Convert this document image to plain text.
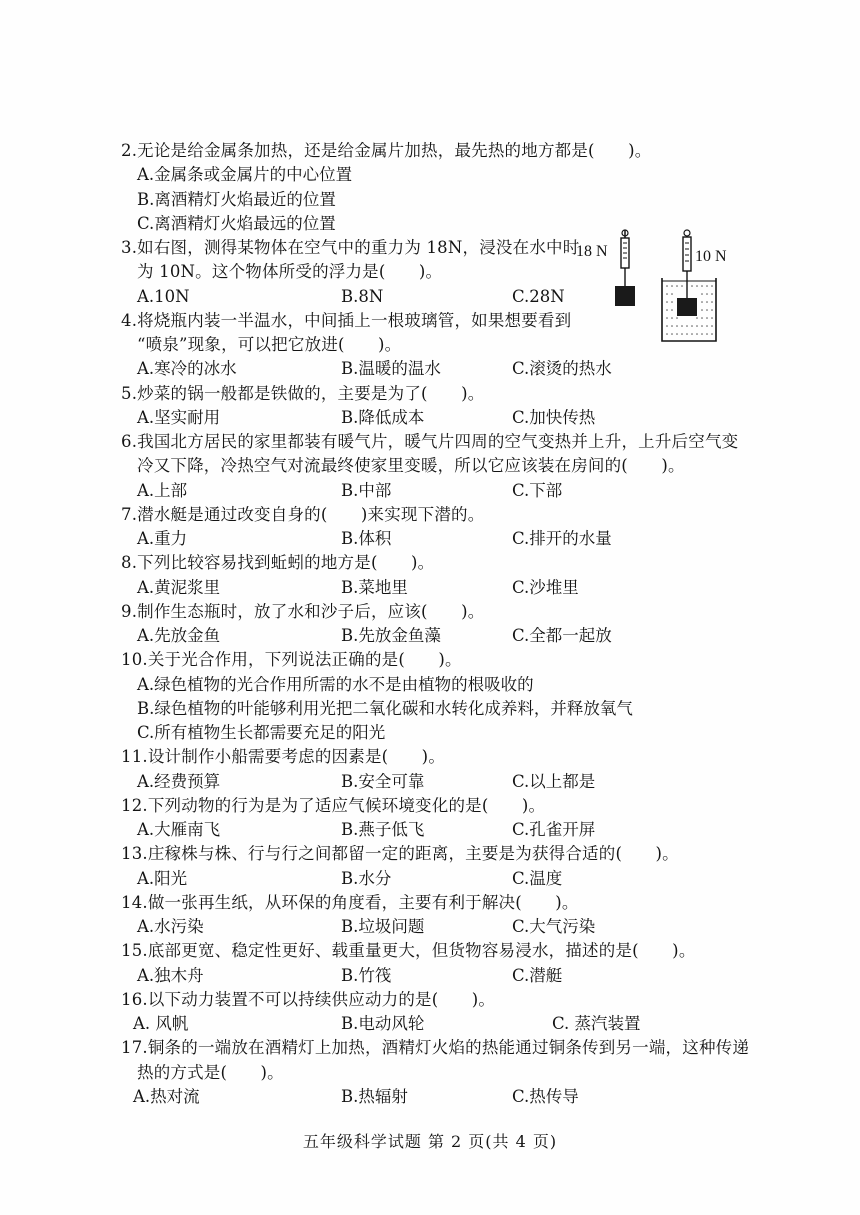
2.无论是给金属条加热，还是给金属片加热，最先热的地方都是(　　)。
A.金属条或金属片的中心位置
B.离酒精灯火焰最近的位置
C.离酒精灯火焰最远的位置
3.如右图，测得某物体在空气中的重力为 18N，浸没在水中时
为 10N。这个物体所受的浮力是(　　)。
A.10N	B.8N	C.28N
4.将烧瓶内装一半温水，中间插上一根玻璃管，如果想要看到
“喷泉”现象，可以把它放进(　　)。
A.寒冷的冰水	B.温暖的温水	C.滚烫的热水
5.炒菜的锅一般都是铁做的，主要是为了(　　)。
A.坚实耐用	B.降低成本	C.加快传热
6.我国北方居民的家里都装有暖气片，暖气片四周的空气变热并上升，上升后空气变
冷又下降，冷热空气对流最终使家里变暖，所以它应该装在房间的(　　)。
A.上部	B.中部	C.下部
7.潜水艇是通过改变自身的(　　)来实现下潜的。
A.重力	B.体积	C.排开的水量
8.下列比较容易找到蚯蚓的地方是(　　)。
A.黄泥浆里	B.菜地里	C.沙堆里
9.制作生态瓶时，放了水和沙子后，应该(　　)。
A.先放金鱼	B.先放金鱼藻	C.全都一起放
10.关于光合作用，下列说法正确的是(　　)。
A.绿色植物的光合作用所需的水不是由植物的根吸收的
B.绿色植物的叶能够利用光把二氧化碳和水转化成养料，并释放氧气
C.所有植物生长都需要充足的阳光
11.设计制作小船需要考虑的因素是(　　)。
A.经费预算	B.安全可靠	C.以上都是
12.下列动物的行为是为了适应气候环境变化的是(　　)。
A.大雁南飞	B.燕子低飞	C.孔雀开屏
13.庄稼株与株、行与行之间都留一定的距离，主要是为获得合适的(　　)。
A.阳光	B.水分	C.温度
14.做一张再生纸，从环保的角度看，主要有利于解决(　　)。
A.水污染	B.垃圾问题	C.大气污染
15.底部更宽、稳定性更好、载重量更大，但货物容易浸水，描述的是(　　)。
A.独木舟	B.竹筏	C.潜艇
16.以下动力装置不可以持续供应动力的是(　　)。
A. 风帆	B.电动风轮	C. 蒸汽装置
17.铜条的一端放在酒精灯上加热，酒精灯火焰的热能通过铜条传到另一端，这种传递
热的方式是(　　)。
A.热对流	B.热辐射	C.热传导
18 N	10 N
五年级科学试题 第 2 页(共 4 页)
